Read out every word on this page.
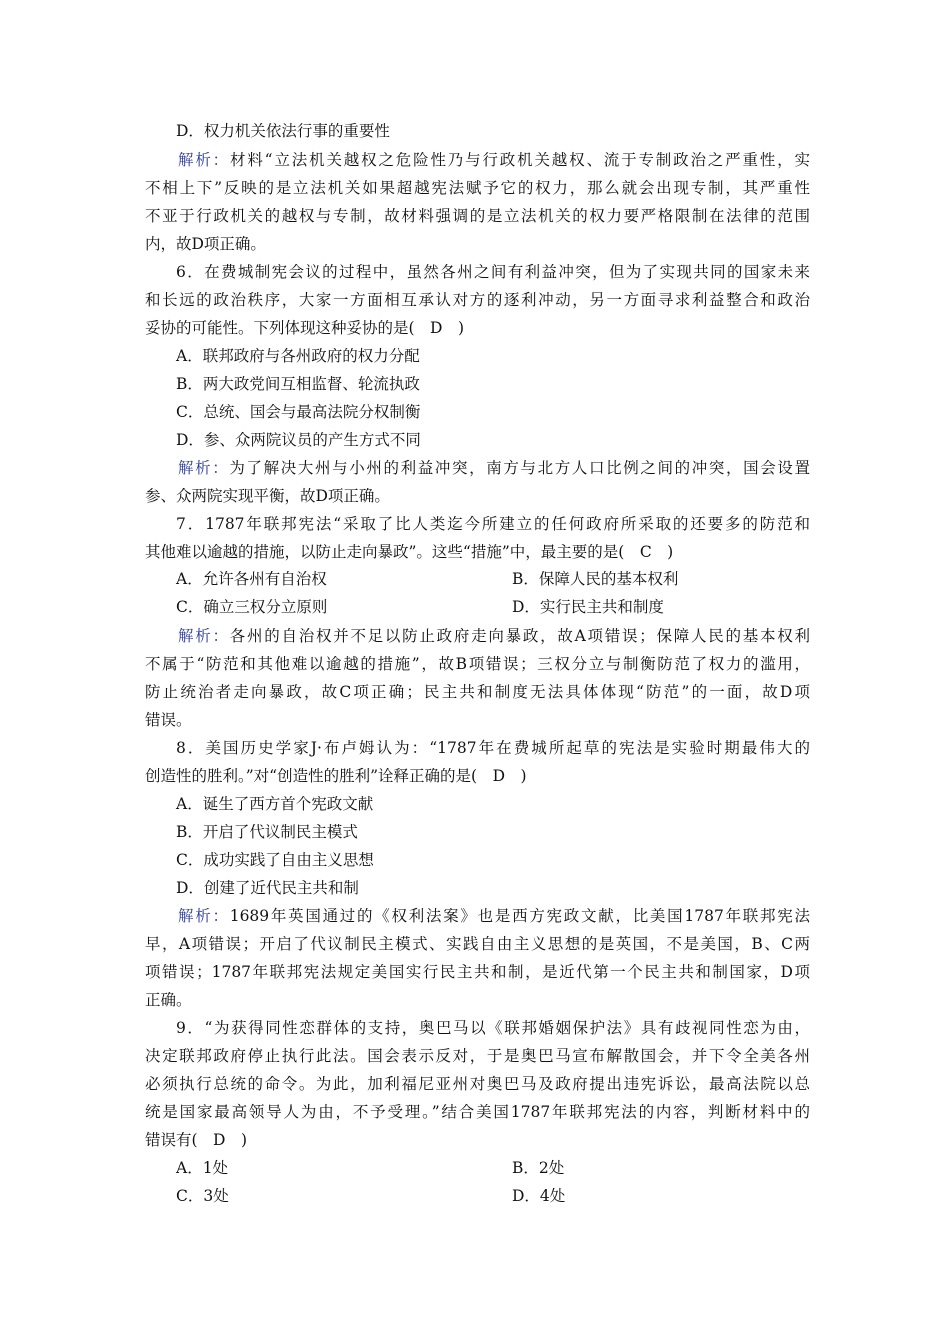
D．权力机关依法行事的重要性
解析：材料“立法机关越权之危险性乃与行政机关越权、流于专制政治之严重性，实
不相上下”反映的是立法机关如果超越宪法赋予它的权力，那么就会出现专制，其严重性
不亚于行政机关的越权与专制，故材料强调的是立法机关的权力要严格限制在法律的范围
内，故D项正确。
6．在费城制宪会议的过程中，虽然各州之间有利益冲突，但为了实现共同的国家未来
和长远的政治秩序，大家一方面相互承认对方的逐利冲动，另一方面寻求利益整合和政治
妥协的可能性。下列体现这种妥协的是(　D　)
A．联邦政府与各州政府的权力分配
B．两大政党间互相监督、轮流执政
C．总统、国会与最高法院分权制衡
D．参、众两院议员的产生方式不同
解析：为了解决大州与小州的利益冲突，南方与北方人口比例之间的冲突，国会设置
参、众两院实现平衡，故D项正确。
7．1787年联邦宪法“采取了比人类迄今所建立的任何政府所采取的还要多的防范和
其他难以逾越的措施，以防止走向暴政”。这些“措施”中，最主要的是(　C　)
A．允许各州有自治权	B．保障人民的基本权利
C．确立三权分立原则	D．实行民主共和制度
解析：各州的自治权并不足以防止政府走向暴政，故A项错误；保障人民的基本权利
不属于“防范和其他难以逾越的措施”，故B项错误；三权分立与制衡防范了权力的滥用，
防止统治者走向暴政，故C项正确；民主共和制度无法具体体现“防范”的一面，故D项
错误。
8．美国历史学家J·布卢姆认为：“1787年在费城所起草的宪法是实验时期最伟大的
创造性的胜利。”对“创造性的胜利”诠释正确的是(　D　)
A．诞生了西方首个宪政文献
B．开启了代议制民主模式
C．成功实践了自由主义思想
D．创建了近代民主共和制
解析：1689年英国通过的《权利法案》也是西方宪政文献，比美国1787年联邦宪法
早，A项错误；开启了代议制民主模式、实践自由主义思想的是英国，不是美国，B、C两
项错误；1787年联邦宪法规定美国实行民主共和制，是近代第一个民主共和制国家，D项
正确。
9．“为获得同性恋群体的支持，奥巴马以《联邦婚姻保护法》具有歧视同性恋为由，
决定联邦政府停止执行此法。国会表示反对，于是奥巴马宣布解散国会，并下令全美各州
必须执行总统的命令。为此，加利福尼亚州对奥巴马及政府提出违宪诉讼，最高法院以总
统是国家最高领导人为由，不予受理。”结合美国1787年联邦宪法的内容，判断材料中的
错误有(　D　)
A．1处	B．2处
C．3处	D．4处
